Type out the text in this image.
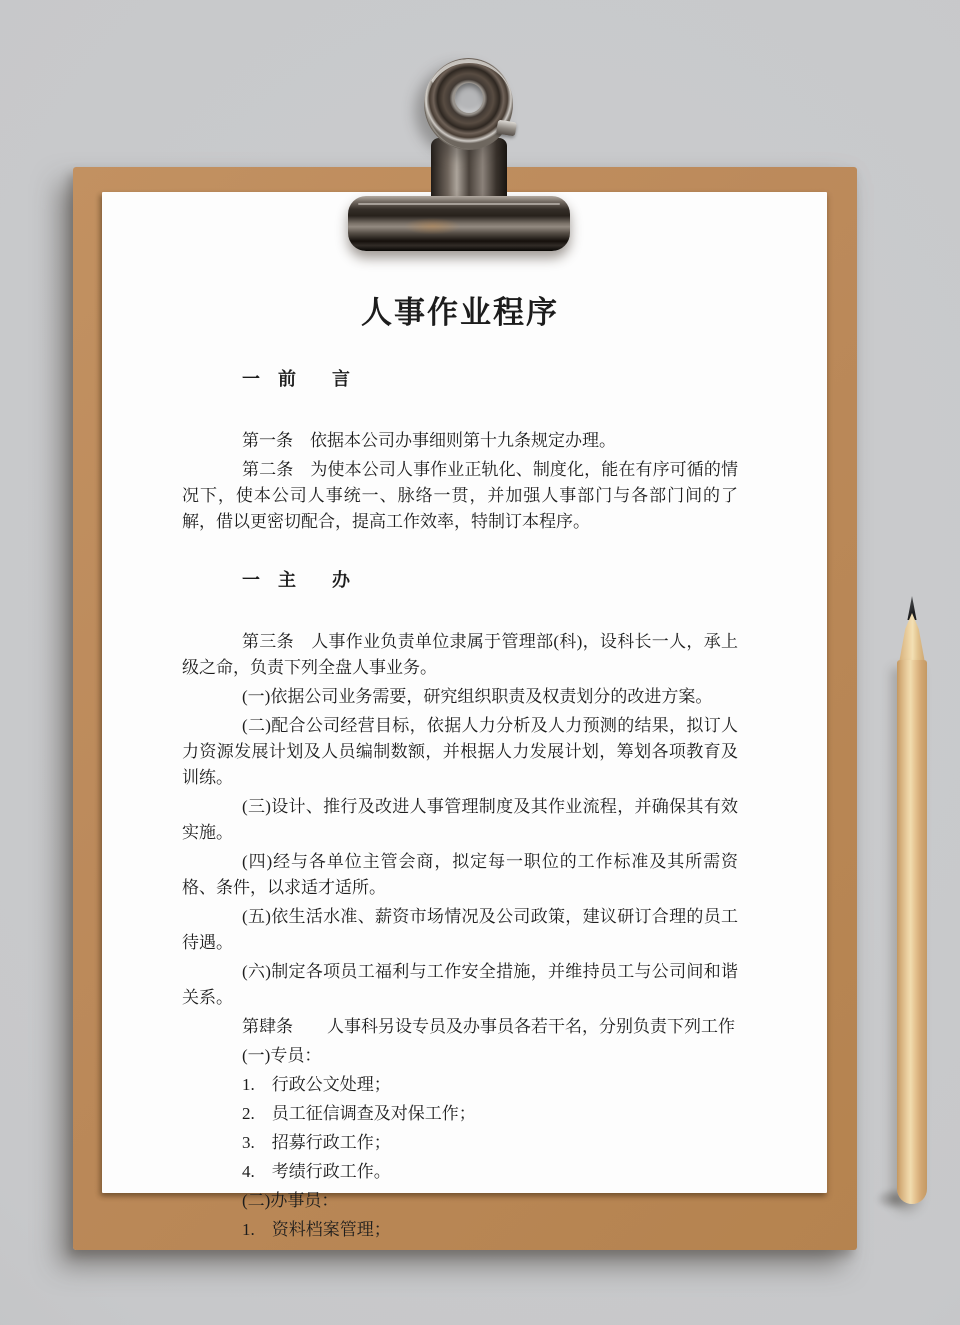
人事作业程序
一　前　　言

第一条　依据本公司办事细则第十九条规定办理。

第二条　为使本公司人事作业正轨化、制度化，能在有序可循的情况下，使本公司人事统一、脉络一贯，并加强人事部门与各部门间的了解，借以更密切配合，提高工作效率，特制订本程序。

一　主　　办

第三条　人事作业负责单位隶属于管理部(科)，设科长一人，承上级之命，负责下列全盘人事业务。

(一)依据公司业务需要，研究组织职责及权责划分的改进方案。

(二)配合公司经营目标，依据人力分析及人力预测的结果，拟订人力资源发展计划及人员编制数额，并根据人力发展计划，筹划各项教育及训练。

(三)设计、推行及改进人事管理制度及其作业流程，并确保其有效实施。

(四)经与各单位主管会商，拟定每一职位的工作标准及其所需资格、条件，以求适才适所。

(五)依生活水准、薪资市场情况及公司政策，建议研订合理的员工待遇。

(六)制定各项员工福利与工作安全措施，并维持员工与公司间和谐关系。

第肆条　　人事科另设专员及办事员各若干名，分别负责下列工作

(一)专员：

1.　行政公文处理；

2.　员工征信调查及对保工作；

3.　招募行政工作；

4.　考绩行政工作。

(二)办事员：

1.　资料档案管理；
